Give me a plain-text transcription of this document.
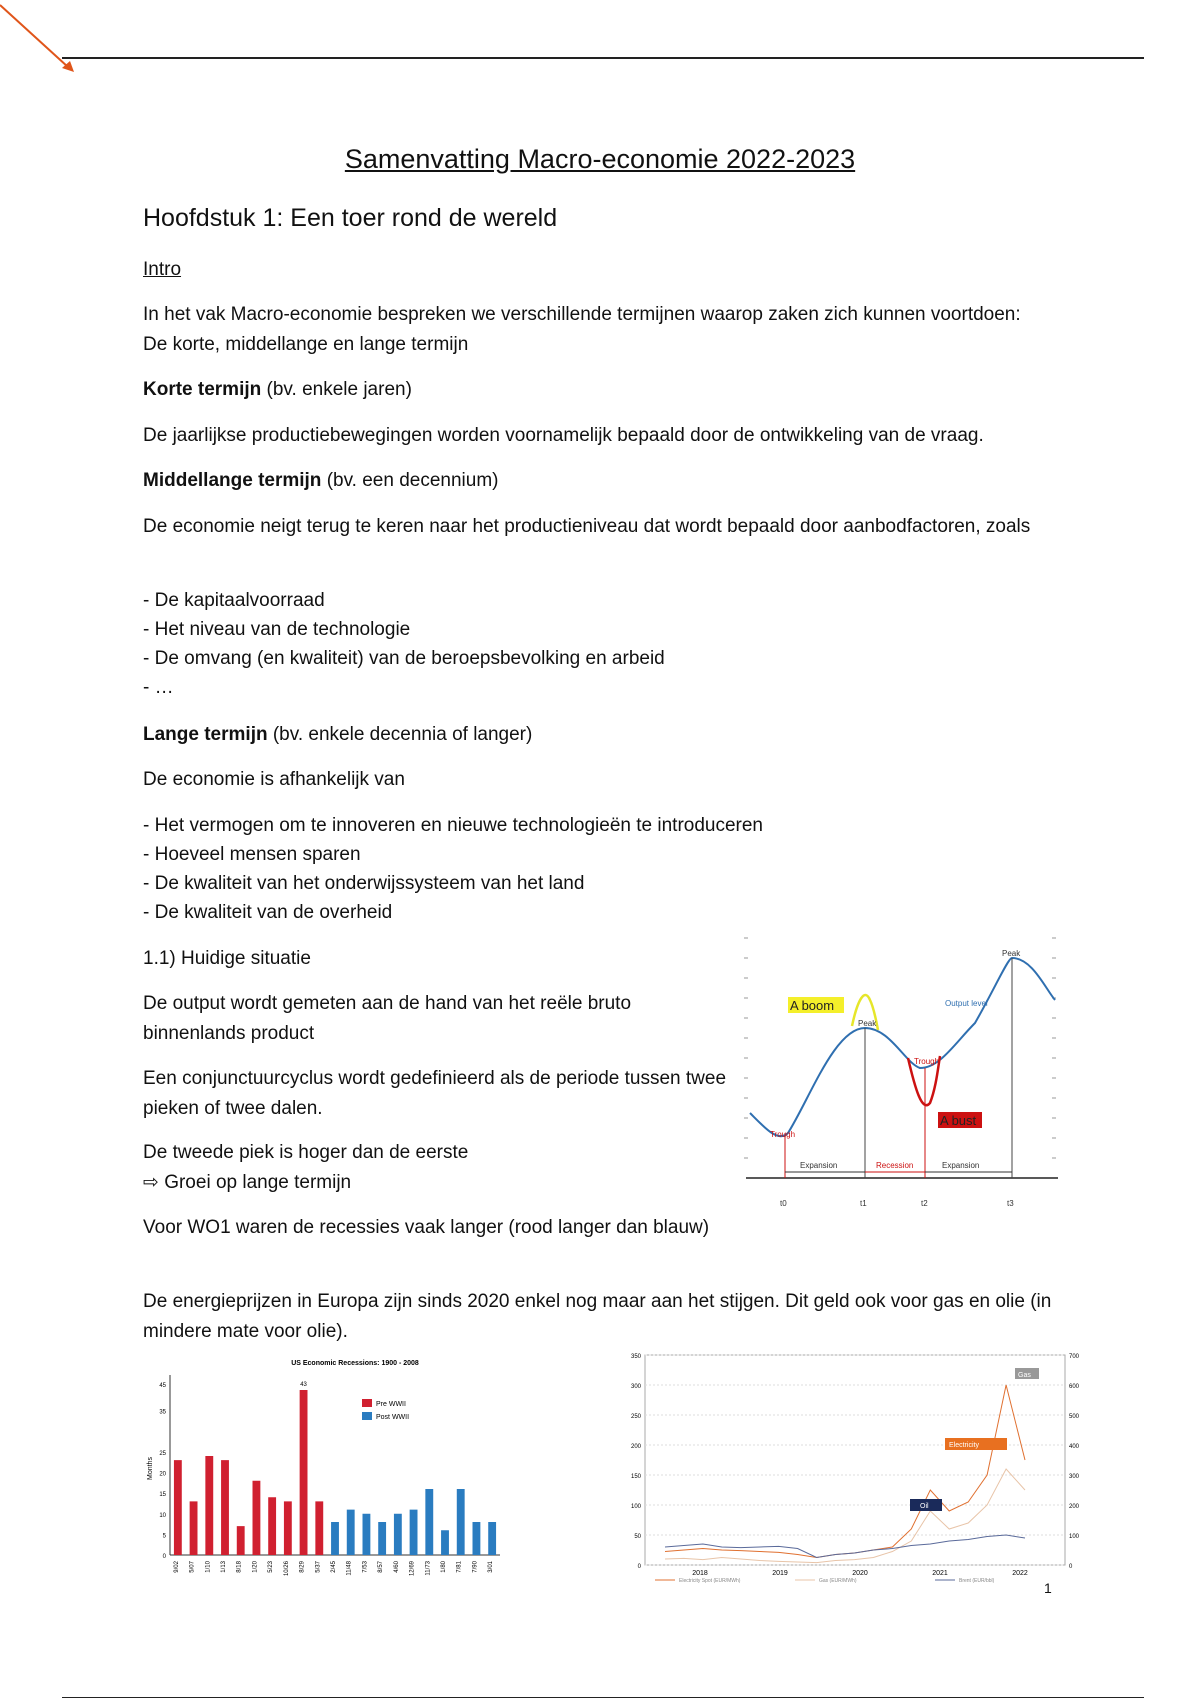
Samenvatting Macro-economie 2022-2023
Hoofdstuk 1: Een toer rond de wereld
Intro
In het vak Macro-economie bespreken we verschillende termijnen waarop zaken zich kunnen voortdoen: De korte, middellange en lange termijn
Korte termijn (bv. enkele jaren)
De jaarlijkse productiebewegingen worden voornamelijk bepaald door de ontwikkeling van de vraag.
Middellange termijn (bv. een decennium)
De economie neigt terug te keren naar het productieniveau dat wordt bepaald door aanbodfactoren, zoals
- De kapitaalvoorraad
- Het niveau van de technologie
- De omvang (en kwaliteit) van de beroepsbevolking en arbeid
- …
Lange termijn (bv. enkele decennia of langer)
De economie is afhankelijk van
- Het vermogen om te innoveren en nieuwe technologieën te introduceren
- Hoeveel mensen sparen
- De kwaliteit van het onderwijssysteem van het land
- De kwaliteit van de overheid
1.1) Huidige situatie
De output wordt gemeten aan de hand van het reële bruto binnenlands product
Een conjunctuurcyclus wordt gedefinieerd als de periode tussen twee pieken of twee dalen.
De tweede piek is hoger dan de eerste
⇨ Groei op lange termijn
Voor WO1 waren de recessies vaak langer (rood langer dan blauw)
De energieprijzen in Europa zijn sinds 2020 enkel nog maar aan het stijgen. Dit geld ook voor gas en olie (in mindere mate voor olie).
A boom
A bust
Peak
Peak
Trough
Trough
Output level
Expansion	Recession	Expansion
t0	t1	t2	t3
US Economic Recessions: 1900 - 2008
Months
Pre WWII
Post WWII
0
5
10
15
20
25
35
45
9/02 5/07 1/10 1/13 8/18 1/20 5/23 10/26
43
8/29 5/37 2/45 11/48 7/53 8/57 4/60 12/69 11/73 1/80 7/81 7/90 3/01	0	0
50	100
100	200
150	300
200	400
250	500
300	600
350	700
2018	2019	2020	2021	2022
Gas
Electricity
Oil
Electricity Spot (EUR/MWh)	Gas (EUR/MWh)	Brent (EUR/bbl)	1
